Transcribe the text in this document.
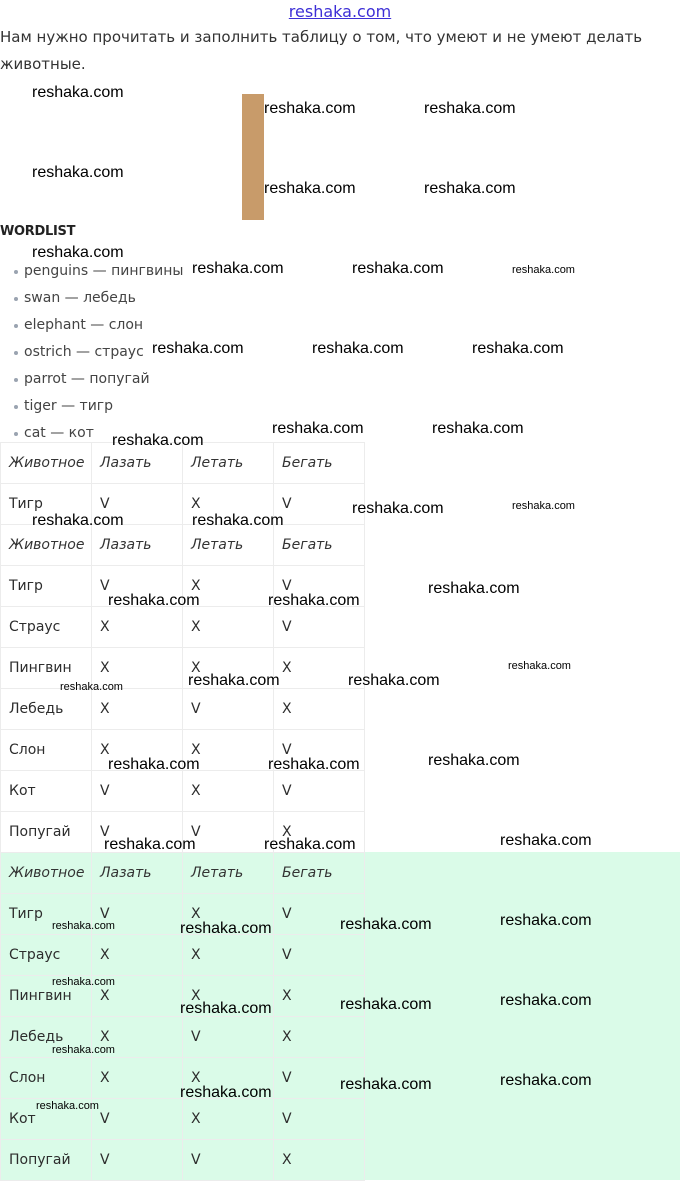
reshaka.com
Нам нужно прочитать и заполнить таблицу о том, что умеют и не умеют делать животные.
WORDLIST
penguins — пингвины
swan — лебедь
elephant — слон
ostrich — страус
parrot — попугай
tiger — тигр
cat — кот
Животное	Лазать	Летать	Бегать
Тигр	V	X	V
Животное	Лазать	Летать	Бегать
Тигр	V	X	V
Страус	X	X	V
Пингвин	X	X	X
Лебедь	X	V	X
Слон	X	X	V
Кот	V	X	V
Попугай	V	V	X
Животное	Лазать	Летать	Бегать
Тигр	V	X	V
Страус	X	X	V
Пингвин	X	X	X
Лебедь	X	V	X
Слон	X	X	V
Кот	V	X	V
Попугай	V	V	X
reshaka.com
reshaka.com	reshaka.com
reshaka.com
reshaka.com	reshaka.com
reshaka.com
reshaka.com	reshaka.com	reshaka.com
reshaka.com	reshaka.com	reshaka.com
reshaka.com
reshaka.com	reshaka.com
reshaka.com	reshaka.com
reshaka.com	reshaka.com
reshaka.com	reshaka.com
reshaka.com
reshaka.com	reshaka.com	reshaka.com
reshaka.com
reshaka.com	reshaka.com	reshaka.com
reshaka.com	reshaka.com	reshaka.com
reshaka.com	reshaka.com	reshaka.com	reshaka.com
reshaka.com
reshaka.com	reshaka.com	reshaka.com
reshaka.com
reshaka.com	reshaka.com	reshaka.com
reshaka.com
